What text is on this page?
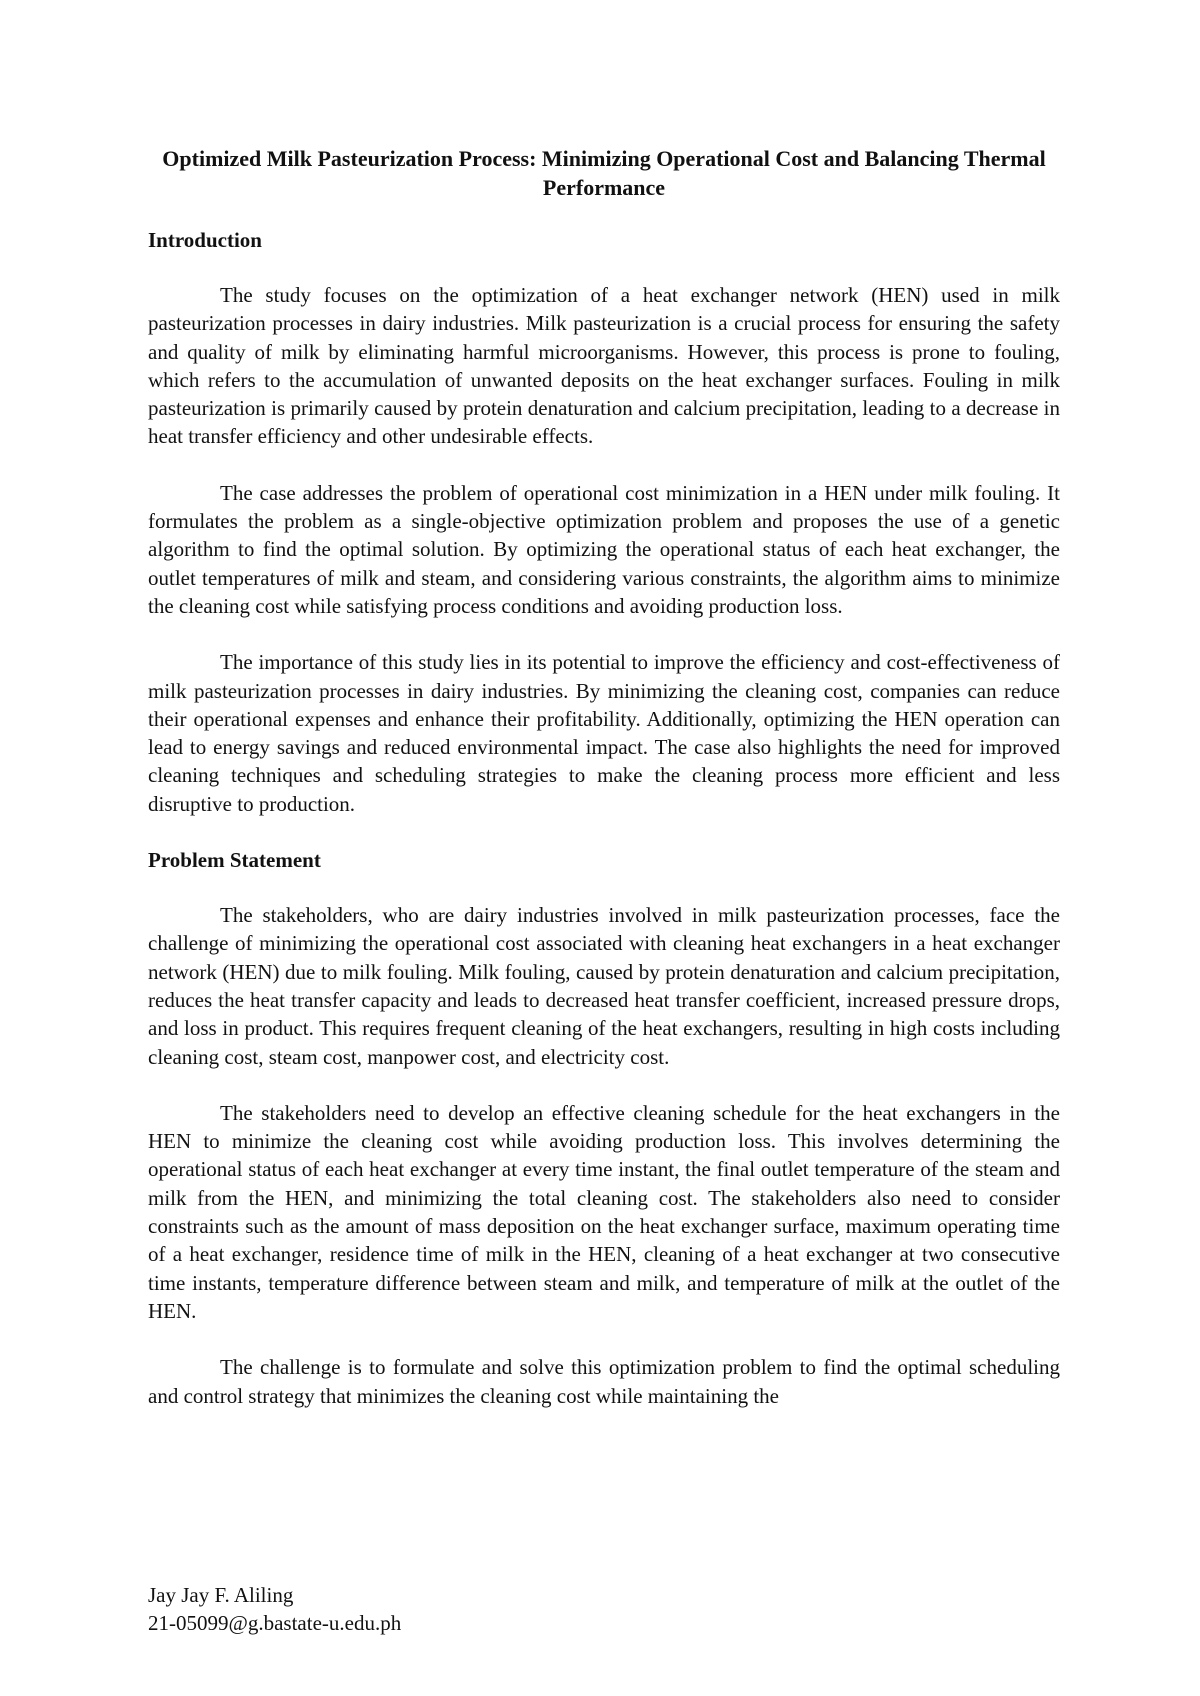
Optimized Milk Pasteurization Process: Minimizing Operational Cost and Balancing Thermal Performance
Introduction

The study focuses on the optimization of a heat exchanger network (HEN) used in milk pasteurization processes in dairy industries. Milk pasteurization is a crucial process for ensuring the safety and quality of milk by eliminating harmful microorganisms. However, this process is prone to fouling, which refers to the accumulation of unwanted deposits on the heat exchanger surfaces. Fouling in milk pasteurization is primarily caused by protein denaturation and calcium precipitation, leading to a decrease in heat transfer efficiency and other undesirable effects.

The case addresses the problem of operational cost minimization in a HEN under milk fouling. It formulates the problem as a single-objective optimization problem and proposes the use of a genetic algorithm to find the optimal solution. By optimizing the operational status of each heat exchanger, the outlet temperatures of milk and steam, and considering various constraints, the algorithm aims to minimize the cleaning cost while satisfying process conditions and avoiding production loss.

The importance of this study lies in its potential to improve the efficiency and cost-effectiveness of milk pasteurization processes in dairy industries. By minimizing the cleaning cost, companies can reduce their operational expenses and enhance their profitability. Additionally, optimizing the HEN operation can lead to energy savings and reduced environmental impact. The case also highlights the need for improved cleaning techniques and scheduling strategies to make the cleaning process more efficient and less disruptive to production.

Problem Statement

The stakeholders, who are dairy industries involved in milk pasteurization processes, face the challenge of minimizing the operational cost associated with cleaning heat exchangers in a heat exchanger network (HEN) due to milk fouling. Milk fouling, caused by protein denaturation and calcium precipitation, reduces the heat transfer capacity and leads to decreased heat transfer coefficient, increased pressure drops, and loss in product. This requires frequent cleaning of the heat exchangers, resulting in high costs including cleaning cost, steam cost, manpower cost, and electricity cost.

The stakeholders need to develop an effective cleaning schedule for the heat exchangers in the HEN to minimize the cleaning cost while avoiding production loss. This involves determining the operational status of each heat exchanger at every time instant, the final outlet temperature of the steam and milk from the HEN, and minimizing the total cleaning cost. The stakeholders also need to consider constraints such as the amount of mass deposition on the heat exchanger surface, maximum operating time of a heat exchanger, residence time of milk in the HEN, cleaning of a heat exchanger at two consecutive time instants, temperature difference between steam and milk, and temperature of milk at the outlet of the HEN.

The challenge is to formulate and solve this optimization problem to find the optimal scheduling and control strategy that minimizes the cleaning cost while maintaining the

Jay Jay F. Aliling
21-05099@g.bastate-u.edu.ph
